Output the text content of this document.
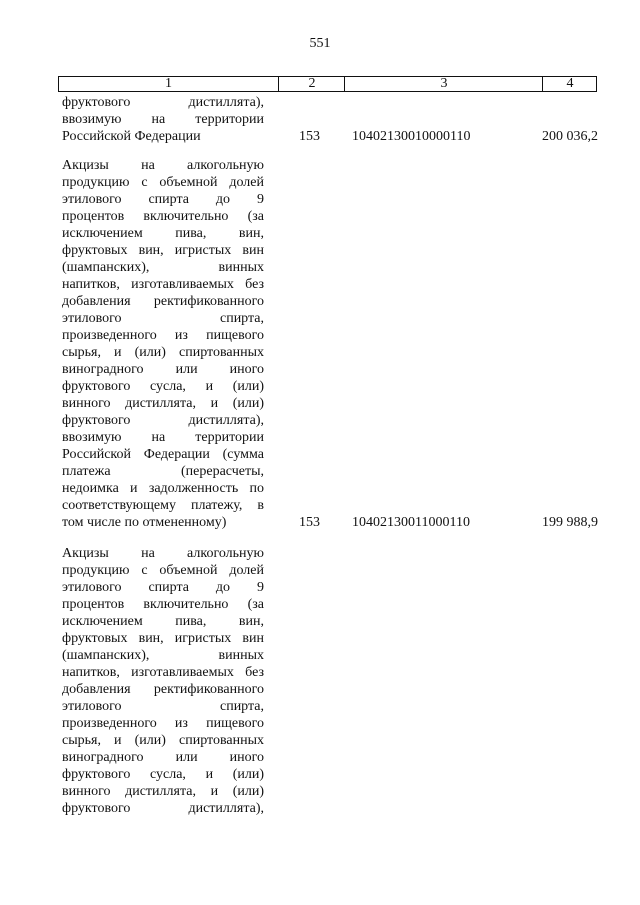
551
1	2	3	4
фруктового дистиллята),
ввозимую на территории
Российской Федерации	153 10402130010000110	200 036,2
Акцизы на алкогольную
продукцию с объемной долей
этилового спирта до 9
процентов включительно (за
исключением пива, вин,
фруктовых вин, игристых вин
(шампанских), винных
напитков, изготавливаемых без
добавления ректификованного
этилового спирта,
произведенного из пищевого
сырья, и (или) спиртованных
виноградного или иного
фруктового сусла, и (или)
винного дистиллята, и (или)
фруктового дистиллята),
ввозимую на территории
Российской Федерации (сумма
платежа (перерасчеты,
недоимка и задолженность по
соответствующему платежу, в
том числе по отмененному)	153 10402130011000110	199 988,9
Акцизы на алкогольную
продукцию с объемной долей
этилового спирта до 9
процентов включительно (за
исключением пива, вин,
фруктовых вин, игристых вин
(шампанских), винных
напитков, изготавливаемых без
добавления ректификованного
этилового спирта,
произведенного из пищевого
сырья, и (или) спиртованных
виноградного или иного
фруктового сусла, и (или)
винного дистиллята, и (или)
фруктового дистиллята),
